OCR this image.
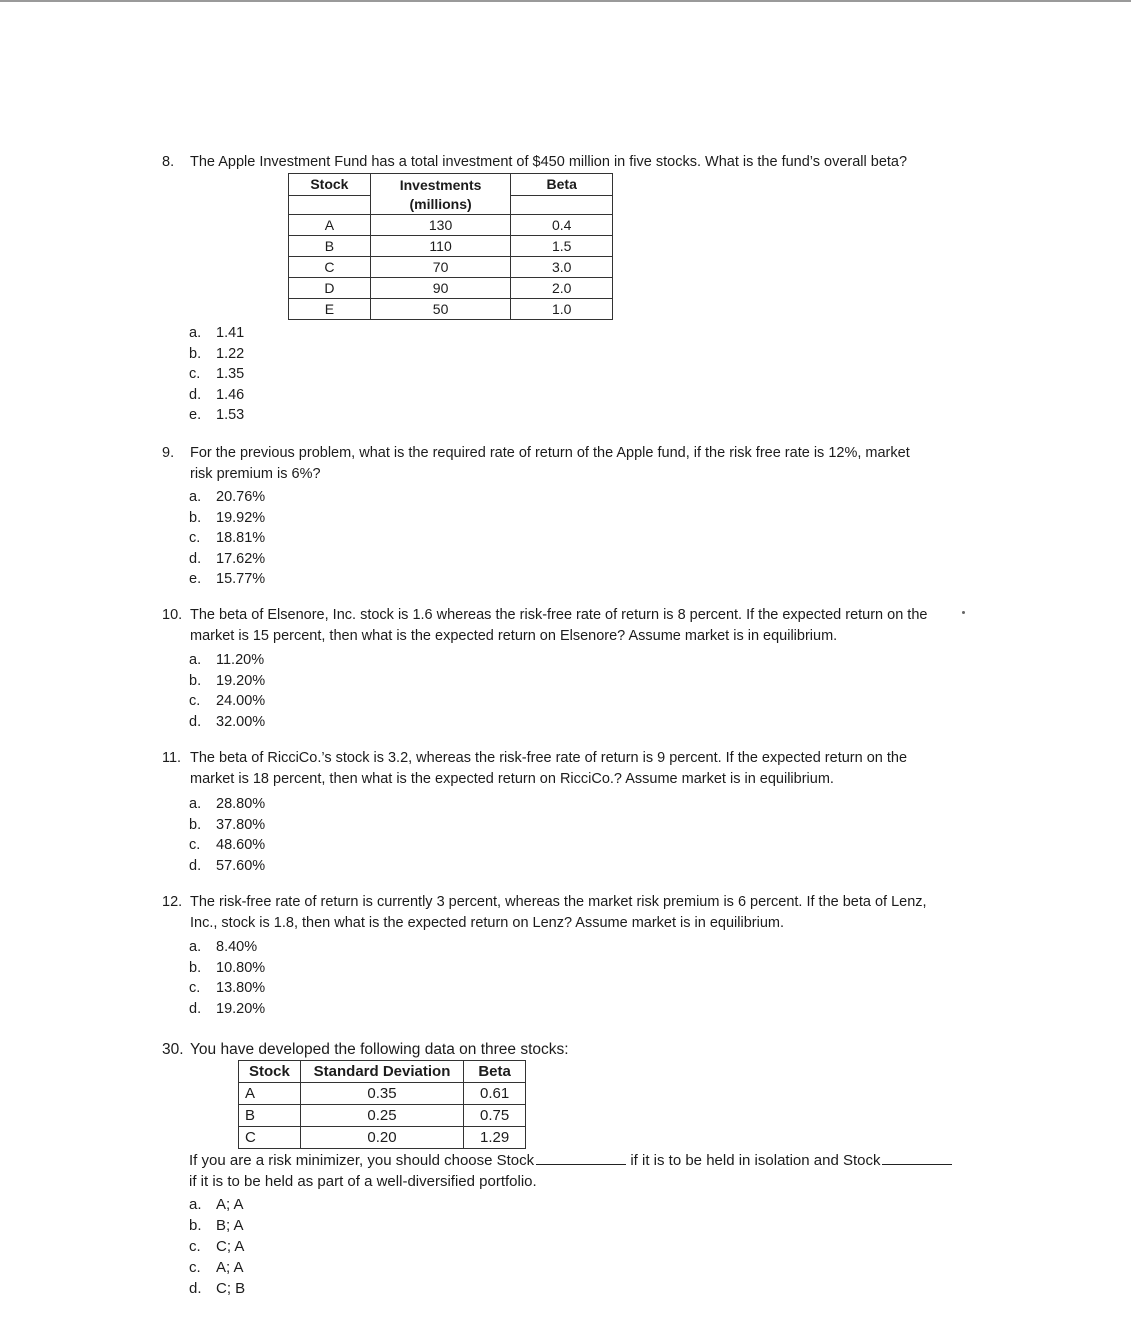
8.	The Apple Investment Fund has a total investment of $450 million in five stocks. What is the fund’s overall beta?
Stock	Investments (millions)	Beta

A	130	0.4
B	110	1.5
C	70	3.0
D	90	2.0
E	50	1.0
a.	1.41
b.	1.22
c.	1.35
d.	1.46
e.	1.53
9.	For the previous problem, what is the required rate of return of the Apple fund, if the risk free rate is 12%, market risk premium is 6%?
a.	20.76%
b.	19.92%
c.	18.81%
d.	17.62%
e.	15.77%
10. The beta of Elsenore, Inc. stock is 1.6 whereas the risk-free rate of return is 8 percent. If the expected return on the market is 15 percent, then what is the expected return on Elsenore? Assume market is in equilibrium.
a.	11.20%
b.	19.20%
c.	24.00%
d.	32.00%
11. The beta of RicciCo.’s stock is 3.2, whereas the risk-free rate of return is 9 percent. If the expected return on the market is 18 percent, then what is the expected return on RicciCo.? Assume market is in equilibrium.
a.	28.80%
b.	37.80%
c.	48.60%
d.	57.60%
12. The risk-free rate of return is currently 3 percent, whereas the market risk premium is 6 percent. If the beta of Lenz, Inc., stock is 1.8, then what is the expected return on Lenz? Assume market is in equilibrium.
a.	8.40%
b.	10.80%
c.	13.80%
d.	19.20%
30. You have developed the following data on three stocks:
Stock	Standard Deviation	Beta
A	0.35	0.61
B	0.25	0.75
C	0.20	1.29
If you are a risk minimizer, you should choose Stock	if it is to be held in isolation and Stock
if it is to be held as part of a well-diversified portfolio.
a. A; A
b. B; A
c.	C; A
c.	A; A
d. C; B
